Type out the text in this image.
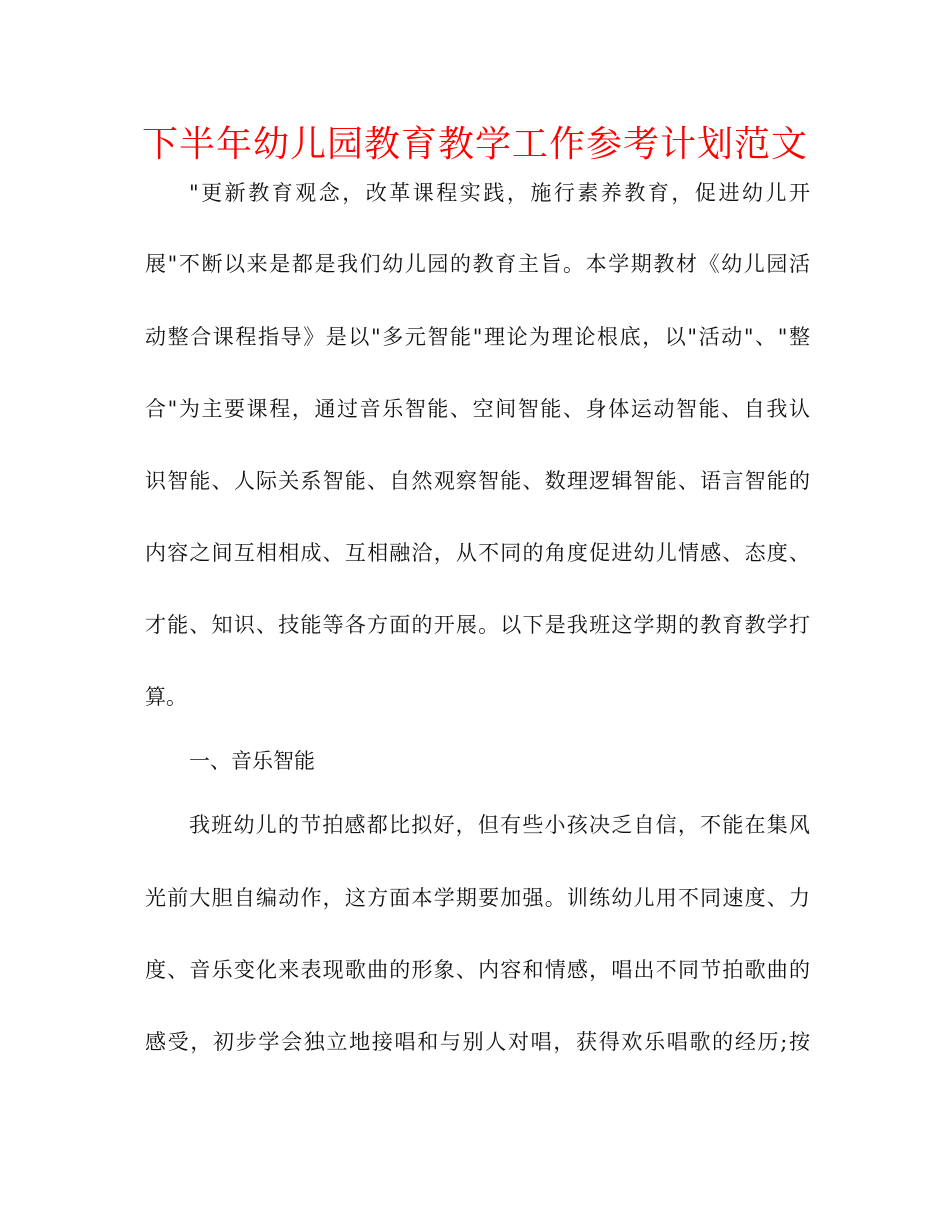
下半年幼儿园教育教学工作参考计划范文
"更新教育观念，改革课程实践，施行素养教育，促进幼儿开
展"不断以来是都是我们幼儿园的教育主旨。本学期教材《幼儿园活
动整合课程指导》是以"多元智能"理论为理论根底，以"活动"、"整
合"为主要课程，通过音乐智能、空间智能、身体运动智能、自我认
识智能、人际关系智能、自然观察智能、数理逻辑智能、语言智能的
内容之间互相相成、互相融洽，从不同的角度促进幼儿情感、态度、
才能、知识、技能等各方面的开展。以下是我班这学期的教育教学打
算。
一、音乐智能
我班幼儿的节拍感都比拟好，但有些小孩决乏自信，不能在集风
光前大胆自编动作，这方面本学期要加强。训练幼儿用不同速度、力
度、音乐变化来表现歌曲的形象、内容和情感，唱出不同节拍歌曲的
感受，初步学会独立地接唱和与别人对唱，获得欢乐唱歌的经历;按
